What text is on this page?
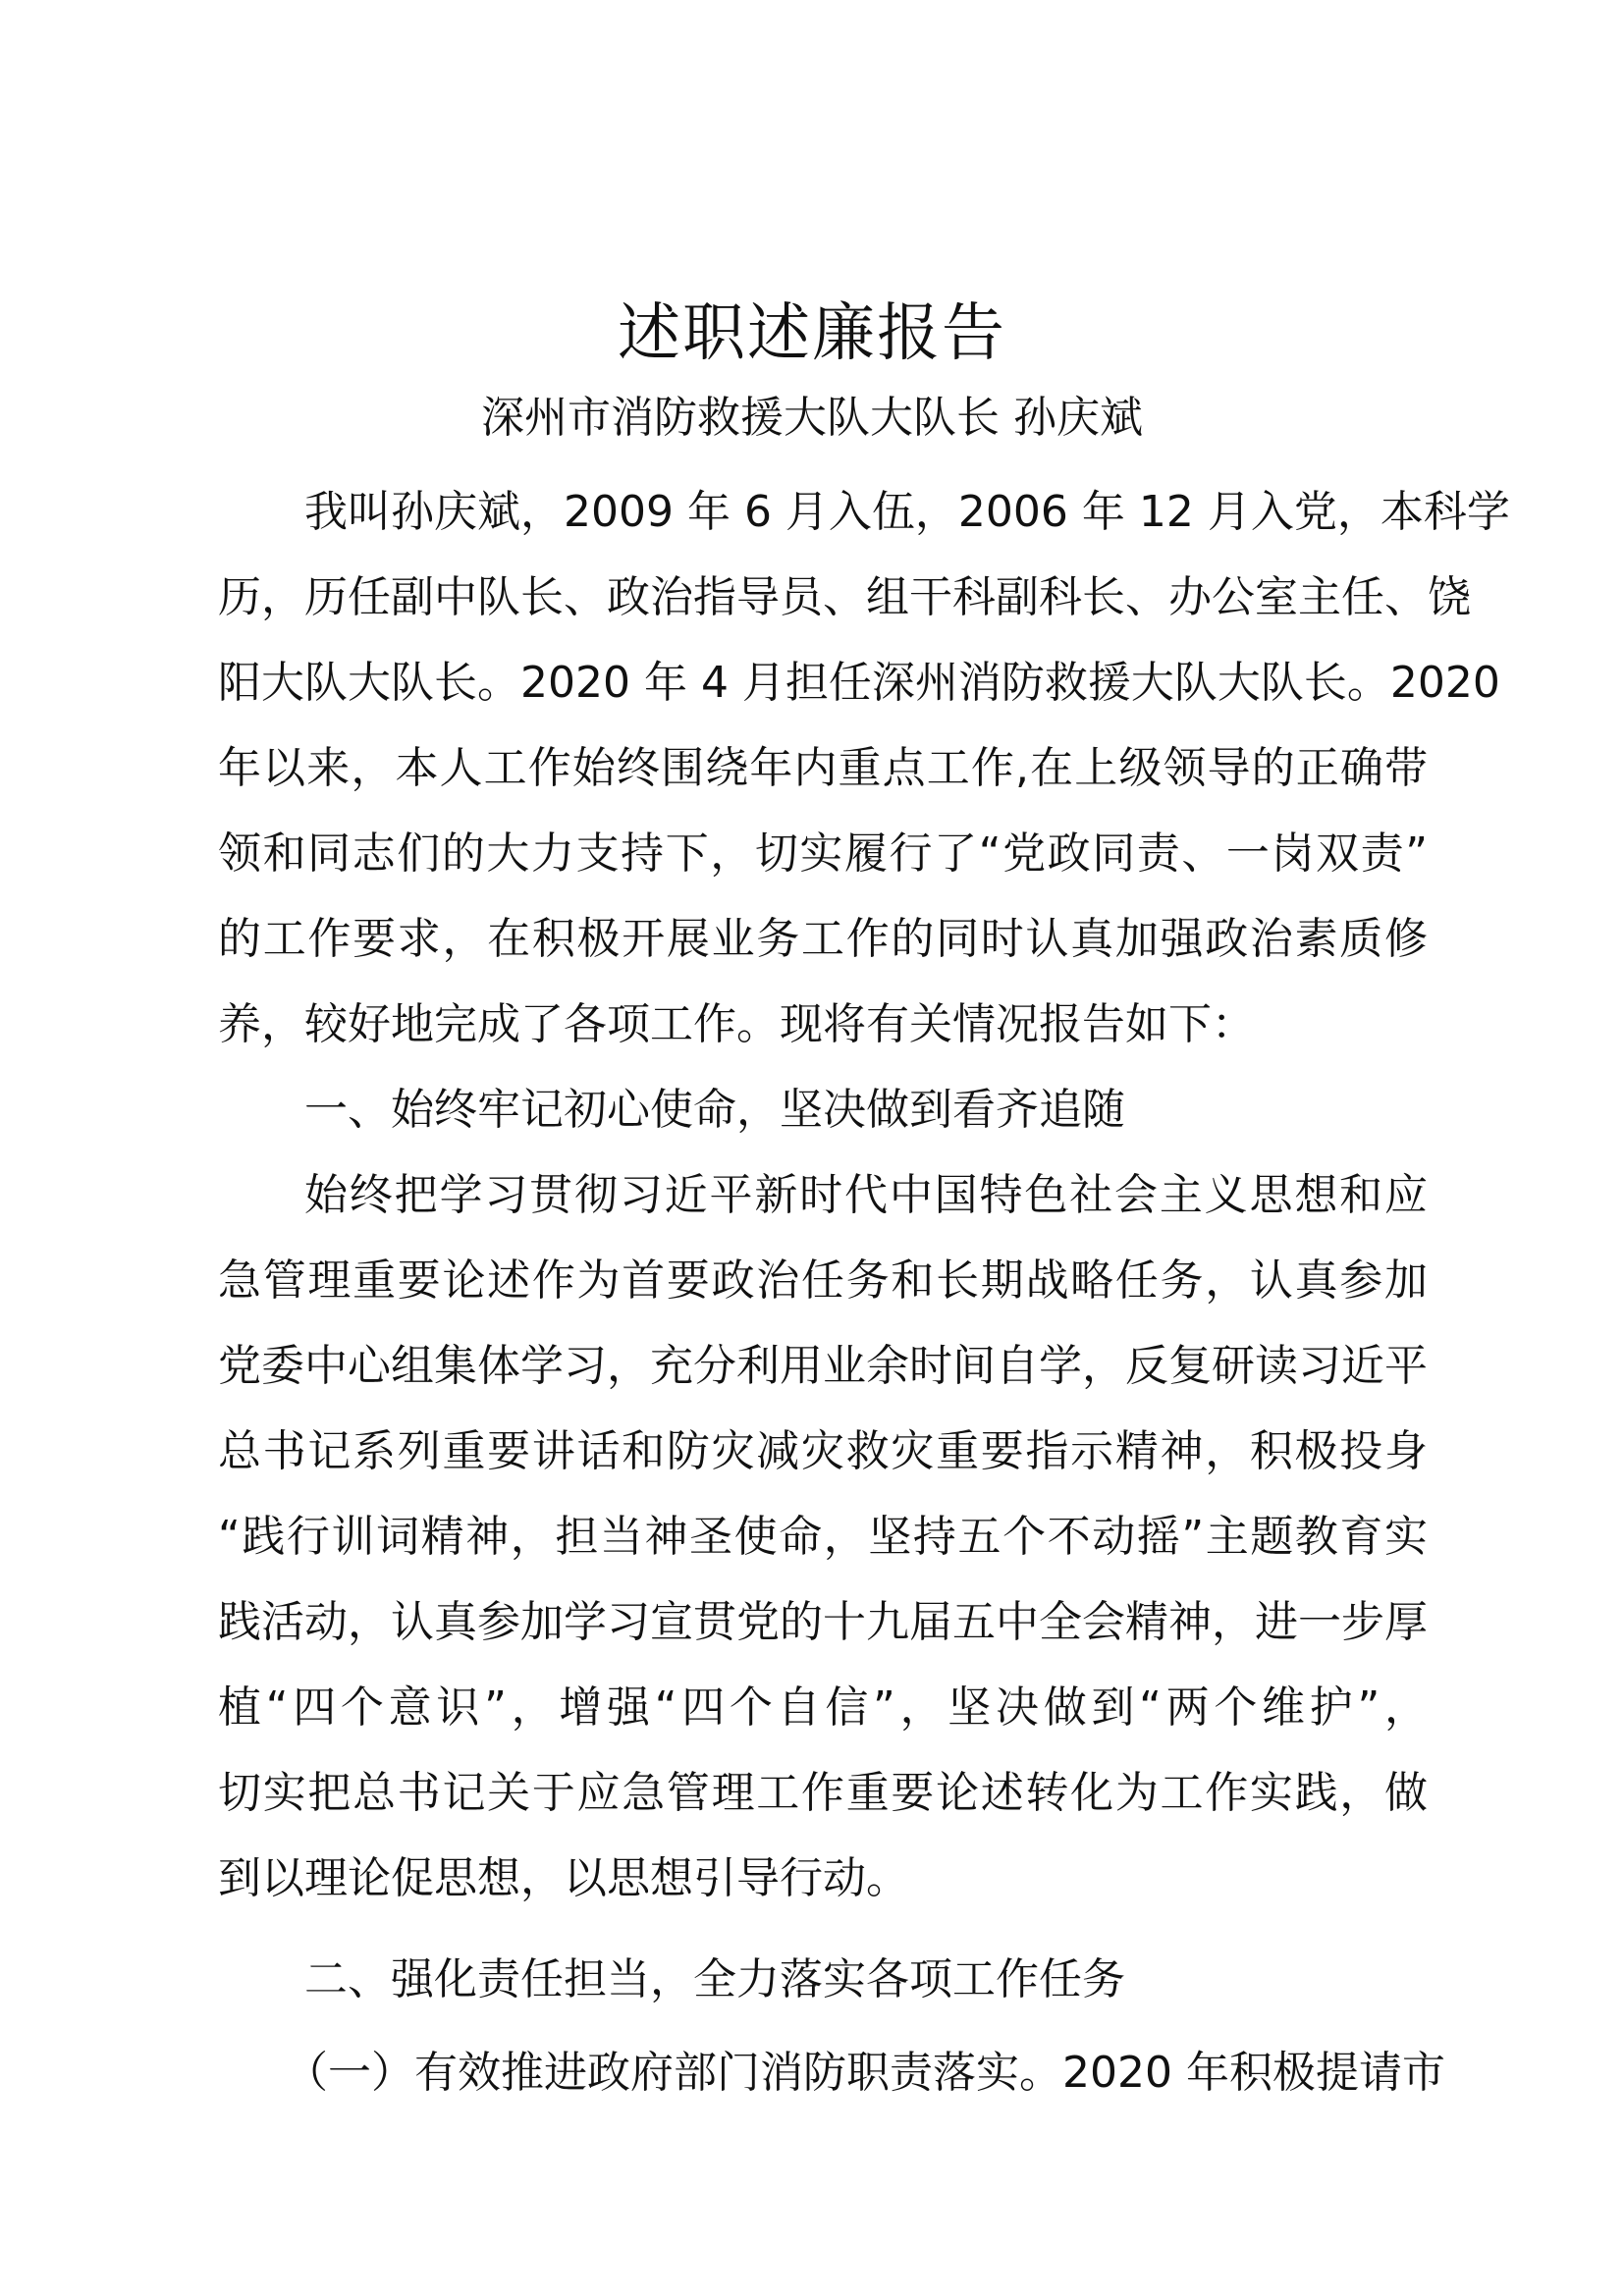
述职述廉报告
深州市消防救援大队大队长 孙庆斌
我叫孙庆斌，2009 年 6 月入伍，2006 年 12 月入党，本科学
历，历任副中队长、政治指导员、组干科副科长、办公室主任、饶
阳大队大队长。2020 年 4 月担任深州消防救援大队大队长。2020
年以来，本人工作始终围绕年内重点工作,在上级领导的正确带
领和同志们的大力支持下，切实履行了“党政同责、一岗双责”
的工作要求，在积极开展业务工作的同时认真加强政治素质修
养，较好地完成了各项工作。现将有关情况报告如下：
一、始终牢记初心使命，坚决做到看齐追随
始终把学习贯彻习近平新时代中国特色社会主义思想和应
急管理重要论述作为首要政治任务和长期战略任务，认真参加
党委中心组集体学习，充分利用业余时间自学，反复研读习近平
总书记系列重要讲话和防灾减灾救灾重要指示精神，积极投身
“践行训词精神，担当神圣使命，坚持五个不动摇”主题教育实
践活动，认真参加学习宣贯党的十九届五中全会精神，进一步厚
植“四个意识”，增强“四个自信”，坚决做到“两个维护”，
切实把总书记关于应急管理工作重要论述转化为工作实践，做
到以理论促思想，以思想引导行动。
二、强化责任担当，全力落实各项工作任务
（一）有效推进政府部门消防职责落实。2020 年积极提请市
